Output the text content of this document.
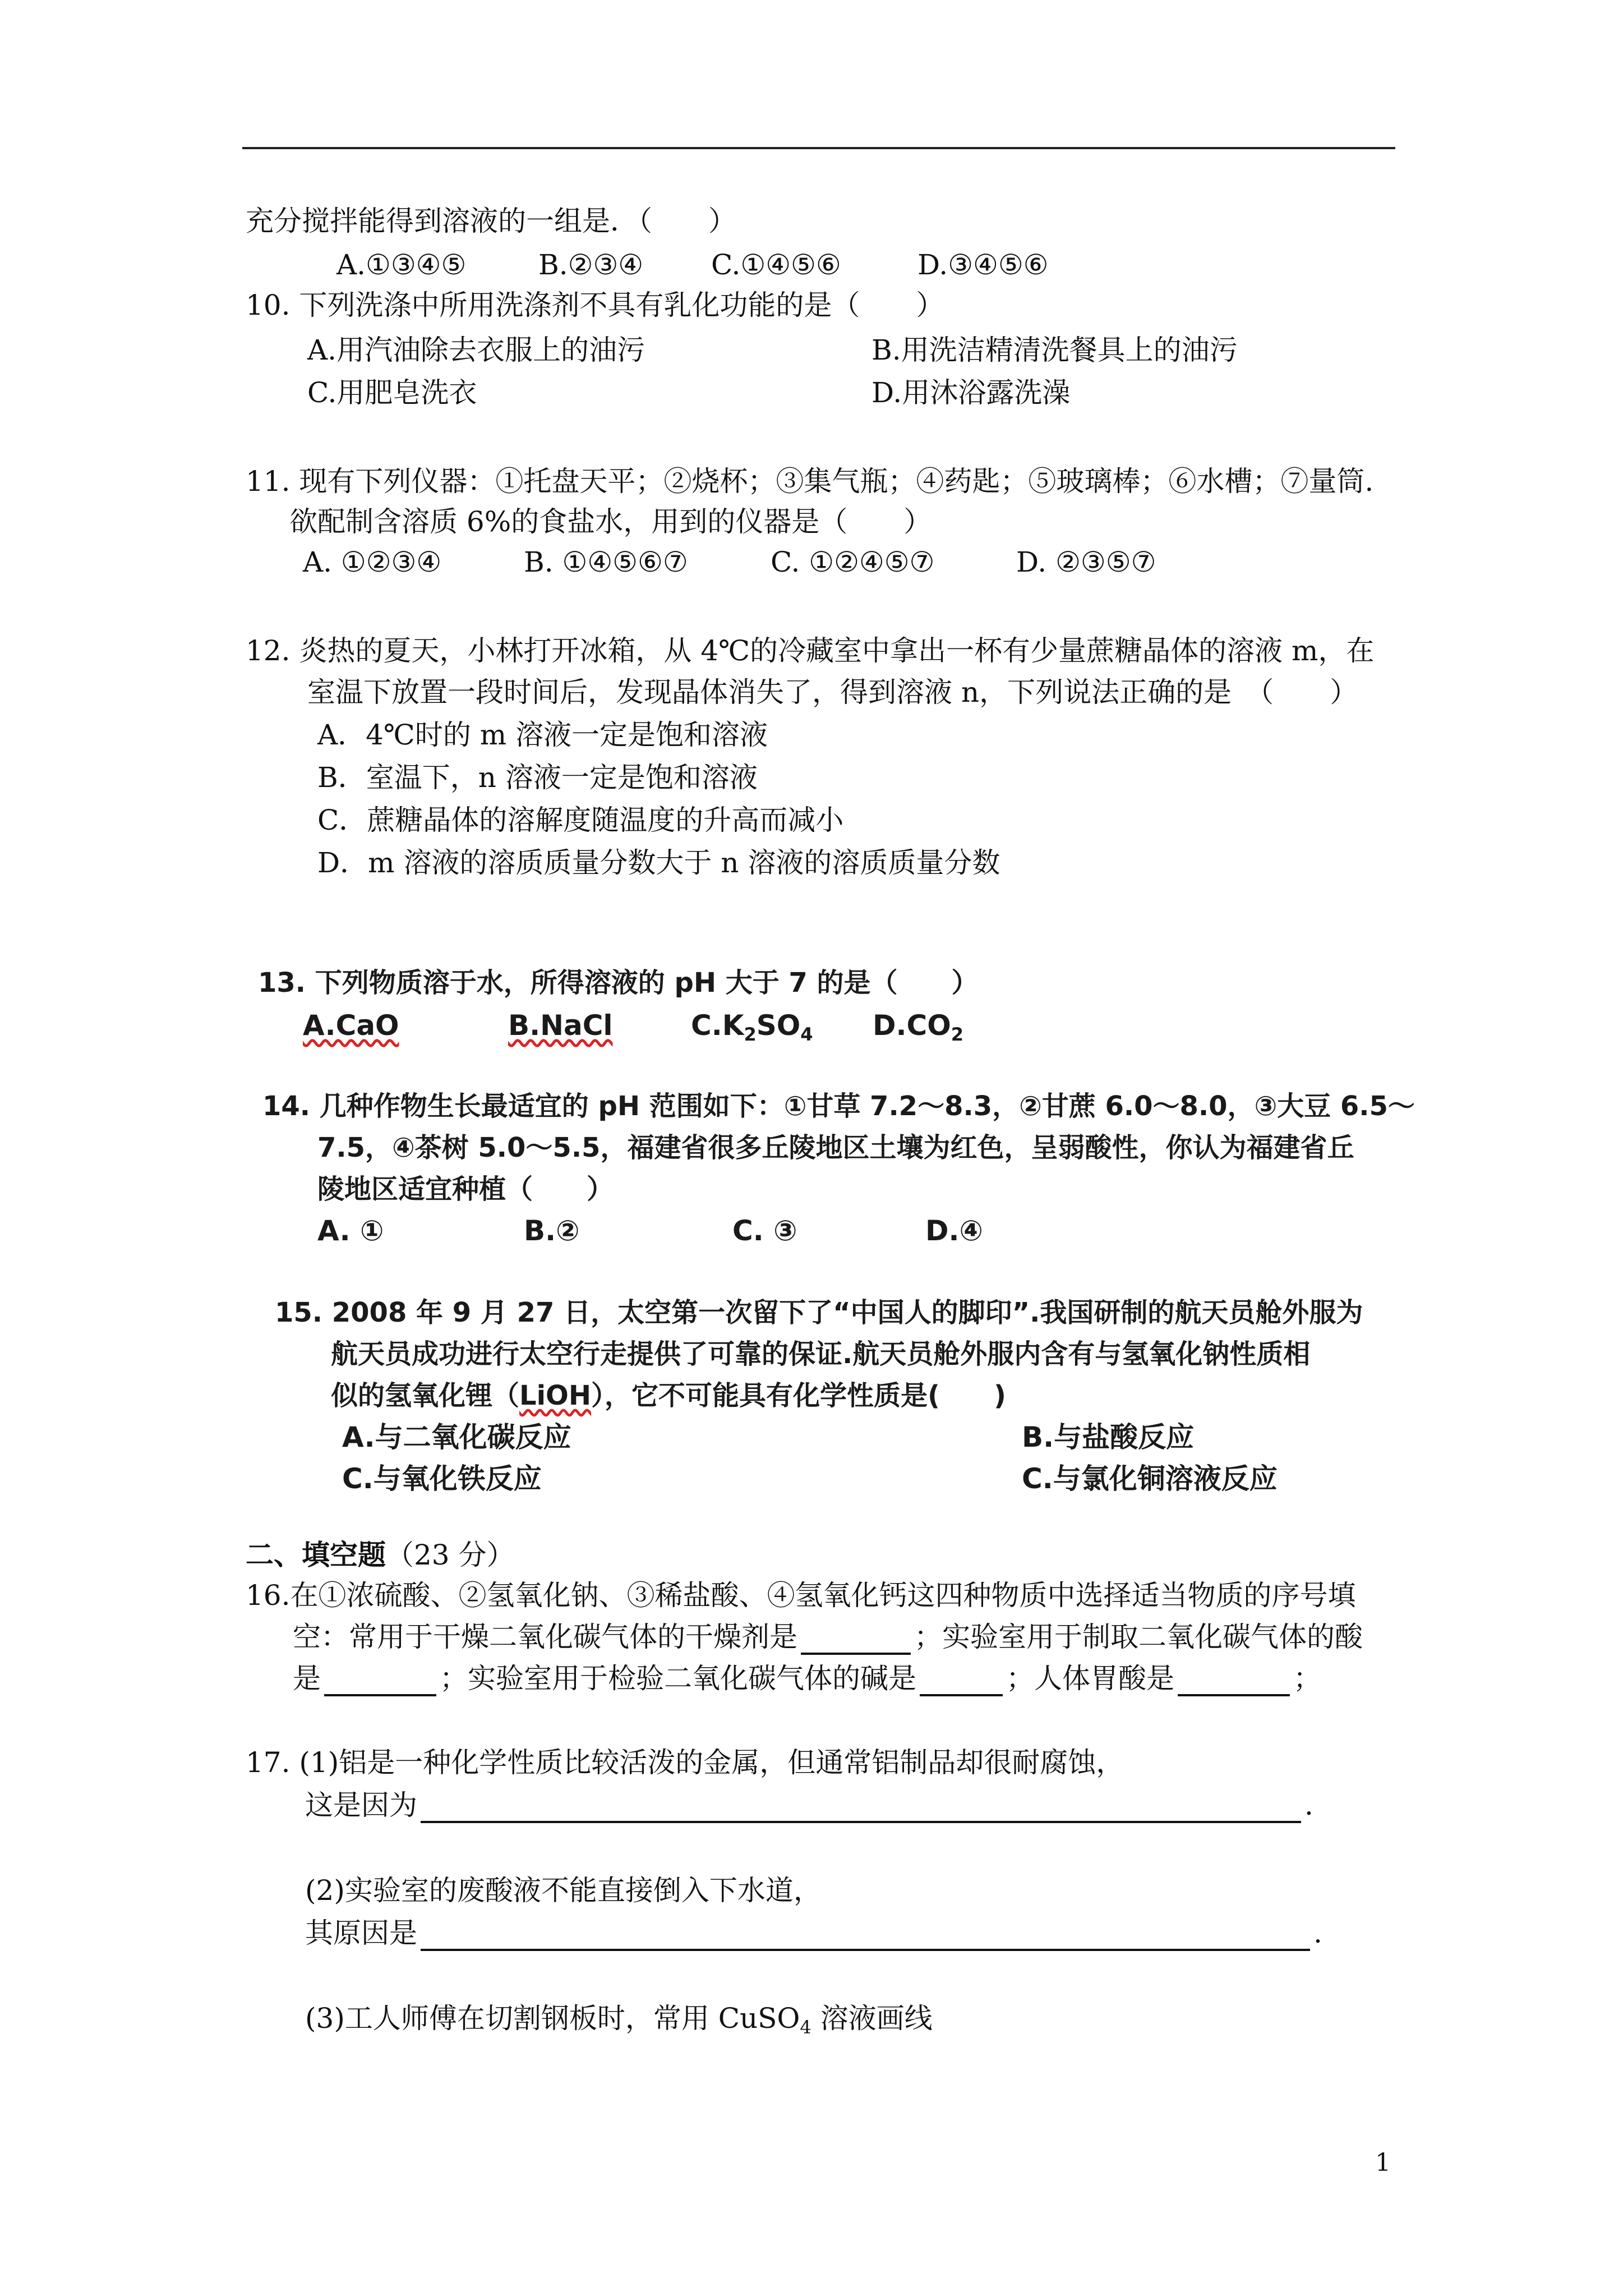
充分搅拌能得到溶液的一组是．（　　）
A.①③④⑤	B.②③④ C.①④⑤⑥	D.③④⑤⑥
10. 下列洗涤中所用洗涤剂不具有乳化功能的是（　　）
A.用汽油除去衣服上的油污	B.用洗洁精清洗餐具上的油污
C.用肥皂洗衣	D.用沐浴露洗澡
11. 现有下列仪器：①托盘天平；②烧杯；③集气瓶；④药匙；⑤玻璃棒；⑥水槽；⑦量筒.
欲配制含溶质 6%的食盐水，用到的仪器是（　　）
A. ①②③④	B. ①④⑤⑥⑦	C. ①②④⑤⑦	D. ②③⑤⑦
12. 炎热的夏天，小林打开冰箱，从 4℃的冷藏室中拿出一杯有少量蔗糖晶体的溶液 m，在
室温下放置一段时间后，发现晶体消失了，得到溶液 n，下列说法正确的是　（　　）
A．4℃时的 m 溶液一定是饱和溶液
B．室温下，n 溶液一定是饱和溶液
C．蔗糖晶体的溶解度随温度的升高而减小
D．m 溶液的溶质质量分数大于 n 溶液的溶质质量分数
13. 下列物质溶于水，所得溶液的 pH 大于 7 的是（　　）
A.CaO	B.NaCl	$C.K_2SO_4$ $D.CO_2$
14. 几种作物生长最适宜的 pH 范围如下：①甘草 7.2～8.3，②甘蔗 6.0～8.0，③大豆 6.5～
7.5，④茶树 5.0～5.5，福建省很多丘陵地区土壤为红色，呈弱酸性，你认为福建省丘
陵地区适宜种植（　　）
A. ①	B.②	C. ③	D.④
15. 2008 年 9 月 27 日，太空第一次留下了“中国人的脚印”.我国研制的航天员舱外服为
航天员成功进行太空行走提供了可靠的保证.航天员舱外服内含有与氢氧化钠性质相
似的氢氧化锂（LiOH），它不可能具有化学性质是(　　)
A.与二氧化碳反应	B.与盐酸反应
C.与氧化铁反应	C.与氯化铜溶液反应
二、填空题（23 分）
16.在①浓硫酸、②氢氧化钠、③稀盐酸、④氢氧化钙这四种物质中选择适当物质的序号填
空：常用于干燥二氧化碳气体的干燥剂是	；实验室用于制取二氧化碳气体的酸
是	；实验室用于检验二氧化碳气体的碱是	；人体胃酸是	；
17. (1)铝是一种化学性质比较活泼的金属，但通常铝制品却很耐腐蚀，
这是因为	.
(2)实验室的废酸液不能直接倒入下水道，
其原因是	.
(3)工人师傅在切割钢板时，常用 CuSO$_4$ 溶液画线
1
